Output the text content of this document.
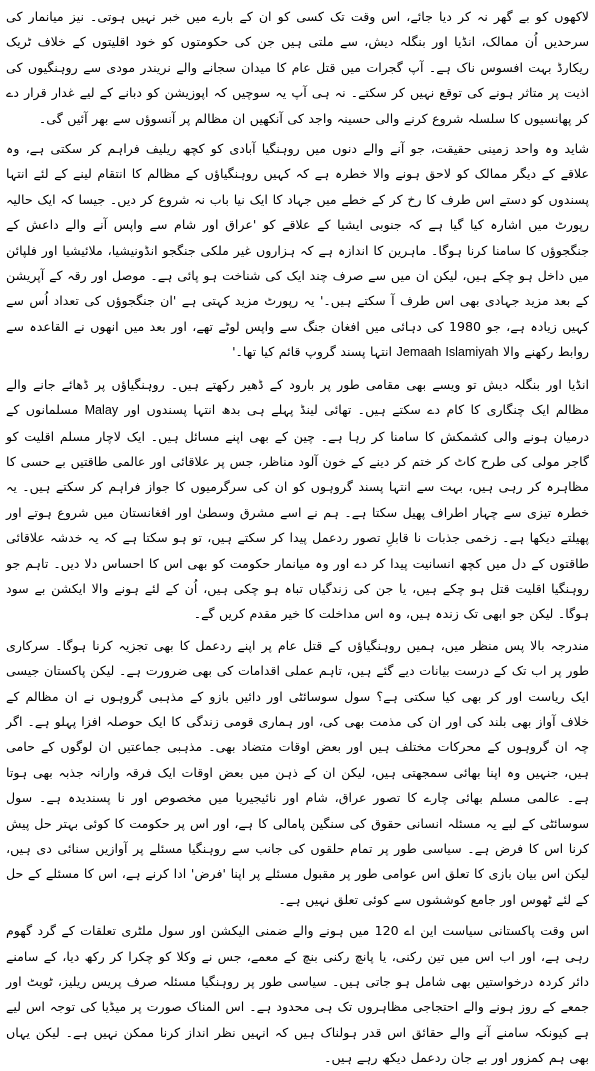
لاکھوں کو بے گھر نہ کر دیا جائے، اس وقت تک کسی کو ان کے بارے میں خبر نہیں ہوتی۔ نیز میانمار کی سرحدیں اُن ممالک، انڈیا اور بنگلہ دیش، سے ملتی ہیں جن کی حکومتوں کو خود اقلیتوں کے خلاف ٹریک ریکارڈ بہت افسوس ناک ہے۔ آپ گجرات میں قتل عام کا میدان سجانے والے نریندر مودی سے روہنگیوں کی اذیت پر متاثر ہونے کی توقع نہیں کر سکتے۔ نہ ہی آپ یہ سوچیں کہ اپوزیشن کو دبانے کے لیے غدار قرار دے کر پھانسیوں کا سلسلہ شروع کرنے والی حسینہ واجد کی آنکھیں ان مظالم پر آنسوؤں سے بھر آئیں گی۔

شاید وہ واحد زمینی حقیقت، جو آنے والے دنوں میں روہنگیا آبادی کو کچھ ریلیف فراہم کر سکتی ہے، وہ علاقے کے دیگر ممالک کو لاحق ہونے والا خطرہ ہے کہ کہیں روہنگیاؤں کے مظالم کا انتقام لینے کے لئے انتہا پسندوں کو دستے اس طرف کا رخ کر کے خطے میں جہاد کا ایک نیا باب نہ شروع کر دیں۔ جیسا کہ ایک حالیہ رپورٹ میں اشارہ کیا گیا ہے کہ جنوبی ایشیا کے علاقے کو 'عراق اور شام سے واپس آنے والے داعش کے جنگجوؤں کا سامنا کرنا ہوگا۔ ماہرین کا اندازہ ہے کہ ہزاروں غیر ملکی جنگجو انڈونیشیا، ملائیشیا اور فلپائن میں داخل ہو چکے ہیں، لیکن ان میں سے صرف چند ایک کی شناخت ہو پائی ہے۔ موصل اور رقہ کے آپریشن کے بعد مزید جہادی بھی اس طرف آ سکتے ہیں۔' یہ رپورٹ مزید کہتی ہے 'ان جنگجوؤں کی تعداد اُس سے کہیں زیادہ ہے، جو 1980 کی دہائی میں افغان جنگ سے واپس لوٹے تھے، اور بعد میں انھوں نے القاعدہ سے روابط رکھنے والا Jemaah Islamiyah انتہا پسند گروپ قائم کیا تھا۔'

انڈیا اور بنگلہ دیش تو ویسے بھی مقامی طور پر بارود کے ڈھیر رکھتے ہیں۔ روہنگیاؤں پر ڈھائے جانے والے مظالم ایک چنگاری کا کام دے سکتے ہیں۔ تھائی لینڈ پہلے ہی بدھ انتہا پسندوں اور Malay مسلمانوں کے درمیان ہونے والی کشمکش کا سامنا کر رہا ہے۔ چین کے بھی اپنے مسائل ہیں۔ ایک لاچار مسلم اقلیت کو گاجر مولی کی طرح کاٹ کر ختم کر دینے کے خون آلود مناظر، جس پر علاقائی اور عالمی طاقتیں بے حسی کا مظاہرہ کر رہی ہیں، بہت سے انتہا پسند گروہوں کو ان کی سرگرمیوں کا جواز فراہم کر سکتے ہیں۔ یہ خطرہ تیزی سے چہار اطراف پھیل سکتا ہے۔ ہم نے اسے مشرق وسطیٰ اور افغانستان میں شروع ہوتے اور پھیلتے دیکھا ہے۔ زخمی جذبات نا قابلِ تصور ردعمل پیدا کر سکتے ہیں، تو ہو سکتا ہے کہ یہ خدشہ علاقائی طاقتوں کے دل میں کچھ انسانیت پیدا کر دے اور وہ میانمار حکومت کو بھی اس کا احساس دلا دیں۔ تاہم جو روہنگیا اقلیت قتل ہو چکے ہیں، یا جن کی زندگیاں تباہ ہو چکی ہیں، اُن کے لئے ہونے والا ایکشن بے سود ہوگا۔ لیکن جو ابھی تک زندہ ہیں، وہ اس مداخلت کا خیر مقدم کریں گے۔

مندرجہ بالا پس منظر میں، ہمیں روہنگیاؤں کے قتل عام پر اپنے ردعمل کا بھی تجزیہ کرنا ہوگا۔ سرکاری طور پر اب تک کے درست بیانات دیے گئے ہیں، تاہم عملی اقدامات کی بھی ضرورت ہے۔ لیکن پاکستان جیسی ایک ریاست اور کر بھی کیا سکتی ہے؟ سول سوسائٹی اور دائیں بازو کے مذہبی گروہوں نے ان مظالم کے خلاف آواز بھی بلند کی اور ان کی مذمت بھی کی، اور ہماری قومی زندگی کا ایک حوصلہ افزا پہلو ہے۔ اگر چہ ان گروہوں کے محرکات مختلف ہیں اور بعض اوقات متضاد بھی۔ مذہبی جماعتیں ان لوگوں کے حامی ہیں، جنہیں وہ اپنا بھائی سمجھتی ہیں، لیکن ان کے ذہن میں بعض اوقات ایک فرقہ وارانہ جذبہ بھی ہوتا ہے۔ عالمی مسلم بھائی چارے کا تصور عراق، شام اور نائیجیریا میں مخصوص اور نا پسندیدہ ہے۔ سول سوسائٹی کے لیے یہ مسئلہ انسانی حقوق کی سنگین پامالی کا ہے، اور اس پر حکومت کا کوئی بہتر حل پیش کرنا اس کا فرض ہے۔ سیاسی طور پر تمام حلقوں کی جانب سے روہنگیا مسئلے پر آوازیں سنائی دی ہیں، لیکن اس بیان بازی کا تعلق اس عوامی طور پر مقبول مسئلے پر اپنا 'فرض' ادا کرنے ہے، اس کا مسئلے کے حل کے لئے ٹھوس اور جامع کوششوں سے کوئی تعلق نہیں ہے۔

اس وقت پاکستانی سیاست این اے 120 میں ہونے والے ضمنی الیکشن اور سول ملٹری تعلقات کے گرد گھوم رہی ہے، اور اب اس میں تین رکنی، یا پانچ رکنی بنچ کے معمے، جس نے وکلا کو چکرا کر رکھ دیا، کے سامنے دائر کردہ درخواستیں بھی شامل ہو جاتی ہیں۔ سیاسی طور پر روہنگیا مسئلہ صرف پریس ریلیز، ٹویٹ اور جمعے کے روز ہونے والے احتجاجی مظاہروں تک ہی محدود ہے۔ اس المناک صورت پر میڈیا کی توجہ اس لیے ہے کیونکہ سامنے آنے والے حقائق اس قدر ہولناک ہیں کہ انہیں نظر انداز کرنا ممکن نہیں ہے۔ لیکن یہاں بھی ہم کمزور اور بے جان ردعمل دیکھ رہے ہیں۔
